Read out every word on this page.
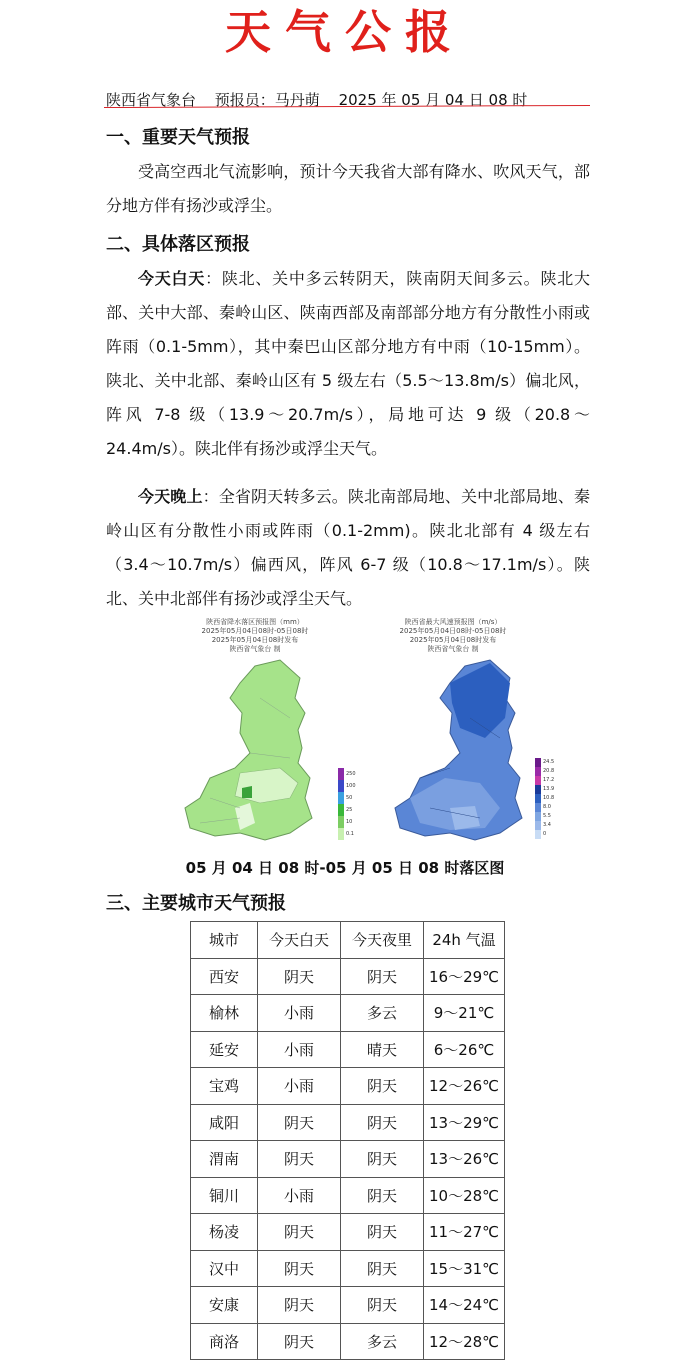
天气公报
陕西省气象台 预报员：马丹萌 2025 年 05 月 04 日 08 时
一、重要天气预报
受高空西北气流影响，预计今天我省大部有降水、吹风天气，部分地方伴有扬沙或浮尘。
二、具体落区预报
今天白天：陕北、关中多云转阴天，陕南阴天间多云。陕北大部、关中大部、秦岭山区、陕南西部及南部部分地方有分散性小雨或阵雨（0.1-5mm），其中秦巴山区部分地方有中雨（10-15mm）。陕北、关中北部、秦岭山区有 5 级左右（5.5～13.8m/s）偏北风，阵风 7-8 级（13.9～20.7m/s），局地可达 9 级（20.8～24.4m/s）。陕北伴有扬沙或浮尘天气。
今天晚上：全省阴天转多云。陕北南部局地、关中北部局地、秦岭山区有分散性小雨或阵雨（0.1-2mm)。陕北北部有 4 级左右（3.4～10.7m/s）偏西风，阵风 6-7 级（10.8～17.1m/s）。陕北、关中北部伴有扬沙或浮尘天气。
陕西省降水落区预报图（mm）
2025年05月04日08时-05日08时
2025年05月04日08时发布
陕西省气象台 制
250
100
50
25
10
0.1
陕西省最大风速预报图（m/s）
2025年05月04日08时-05日08时
2025年05月04日08时发布
陕西省气象台 制
24.5
20.8
17.2
13.9
10.8
8.0
5.5
3.4
0
05 月 04 日 08 时-05 月 05 日 08 时落区图
三、主要城市天气预报
城市	今天白天	今天夜里	24h 气温
西安	阴天	阴天	16～29℃
榆林	小雨	多云	9～21℃
延安	小雨	晴天	6～26℃
宝鸡	小雨	阴天	12～26℃
咸阳	阴天	阴天	13～29℃
渭南	阴天	阴天	13～26℃
铜川	小雨	阴天	10～28℃
杨凌	阴天	阴天	11～27℃
汉中	阴天	阴天	15～31℃
安康	阴天	阴天	14～24℃
商洛	阴天	多云	12～28℃
